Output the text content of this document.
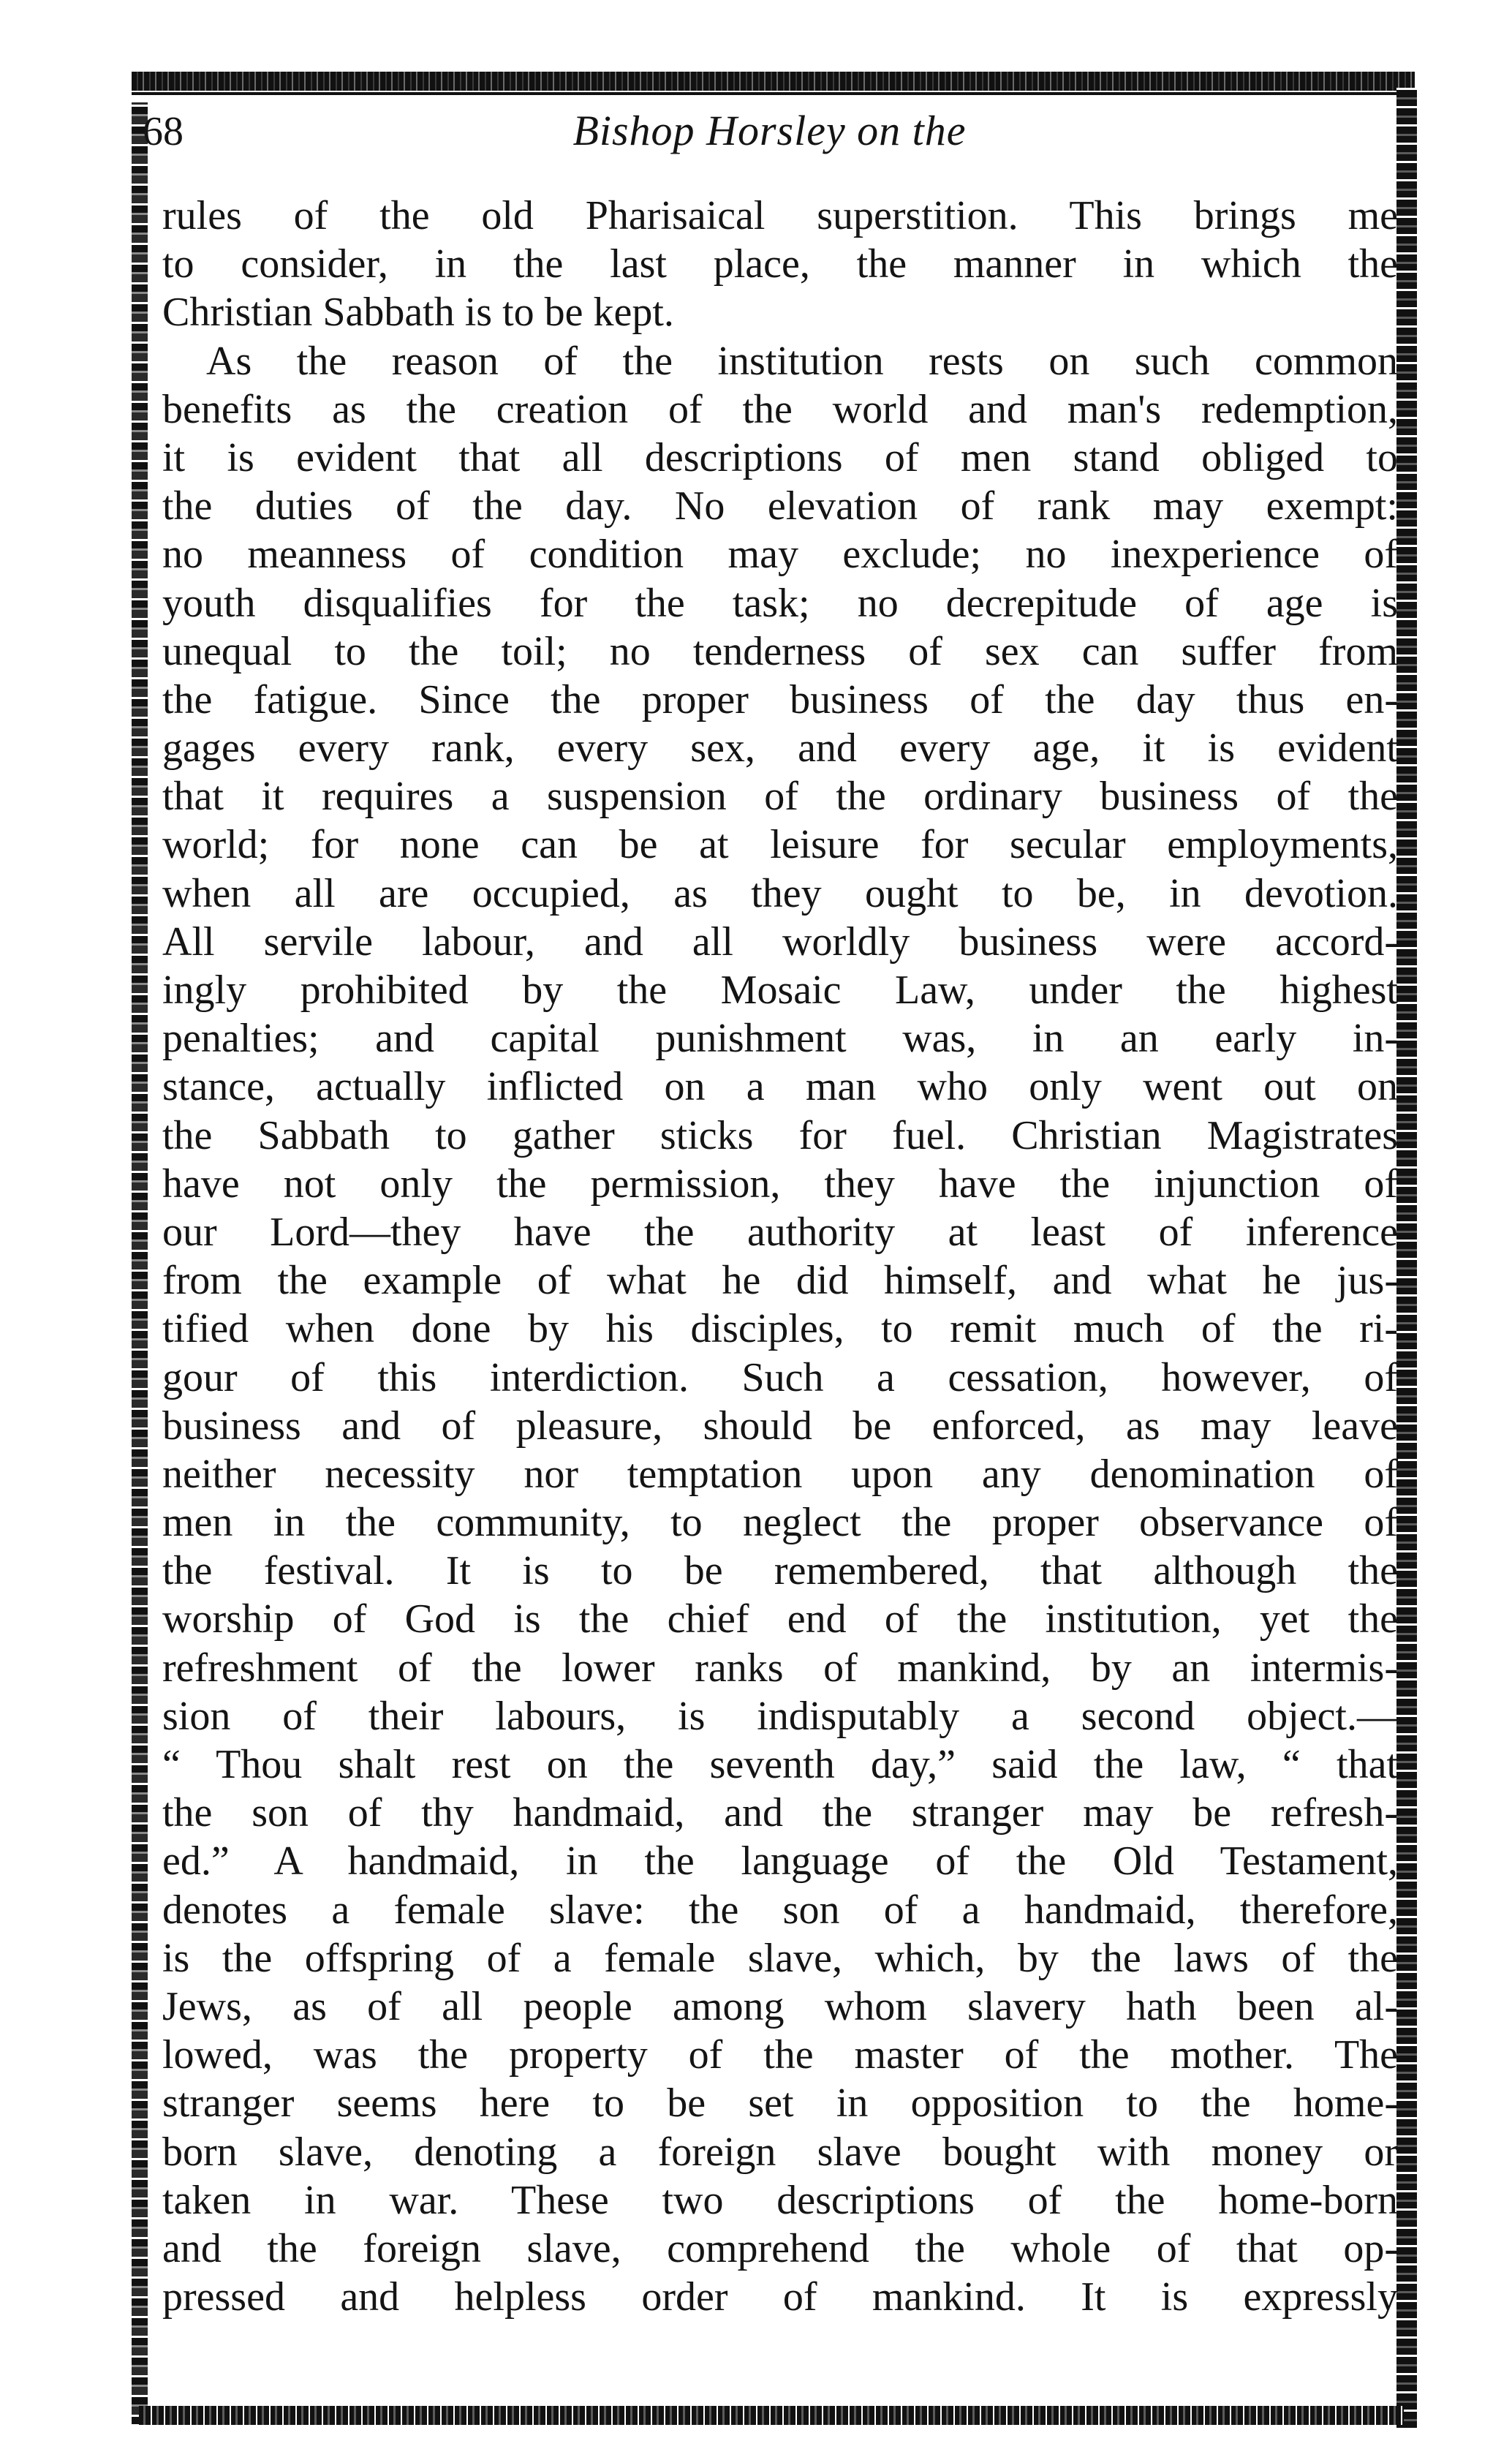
68	Bishop Horsley on the
rules of the old Pharisaical superstition. This brings me
to consider, in the last place, the manner in which the
Christian Sabbath is to be kept.
As the reason of the institution rests on such common
benefits as the creation of the world and man's redemption,
it is evident that all descriptions of men stand obliged to
the duties of the day. No elevation of rank may exempt:
no meanness of condition may exclude; no inexperience of
youth disqualifies for the task; no decrepitude of age is
unequal to the toil; no tenderness of sex can suffer from
the fatigue. Since the proper business of the day thus en-
gages every rank, every sex, and every age, it is evident
that it requires a suspension of the ordinary business of the
world; for none can be at leisure for secular employments,
when all are occupied, as they ought to be, in devotion.
All servile labour, and all worldly business were accord-
ingly prohibited by the Mosaic Law, under the highest
penalties; and capital punishment was, in an early in-
stance, actually inflicted on a man who only went out on
the Sabbath to gather sticks for fuel. Christian Magistrates
have not only the permission, they have the injunction of
our Lord—they have the authority at least of inference
from the example of what he did himself, and what he jus-
tified when done by his disciples, to remit much of the ri-
gour of this interdiction. Such a cessation, however, of
business and of pleasure, should be enforced, as may leave
neither necessity nor temptation upon any denomination of
men in the community, to neglect the proper observance of
the festival. It is to be remembered, that although the
worship of God is the chief end of the institution, yet the
refreshment of the lower ranks of mankind, by an intermis-
sion of their labours, is indisputably a second object.—
“ Thou shalt rest on the seventh day,” said the law, “ that
the son of thy handmaid, and the stranger may be refresh-
ed.” A handmaid, in the language of the Old Testament,
denotes a female slave: the son of a handmaid, therefore,
is the offspring of a female slave, which, by the laws of the
Jews, as of all people among whom slavery hath been al-
lowed, was the property of the master of the mother. The
stranger seems here to be set in opposition to the home-
born slave, denoting a foreign slave bought with money or
taken in war. These two descriptions of the home-born
and the foreign slave, comprehend the whole of that op-
pressed and helpless order of mankind. It is expressly
